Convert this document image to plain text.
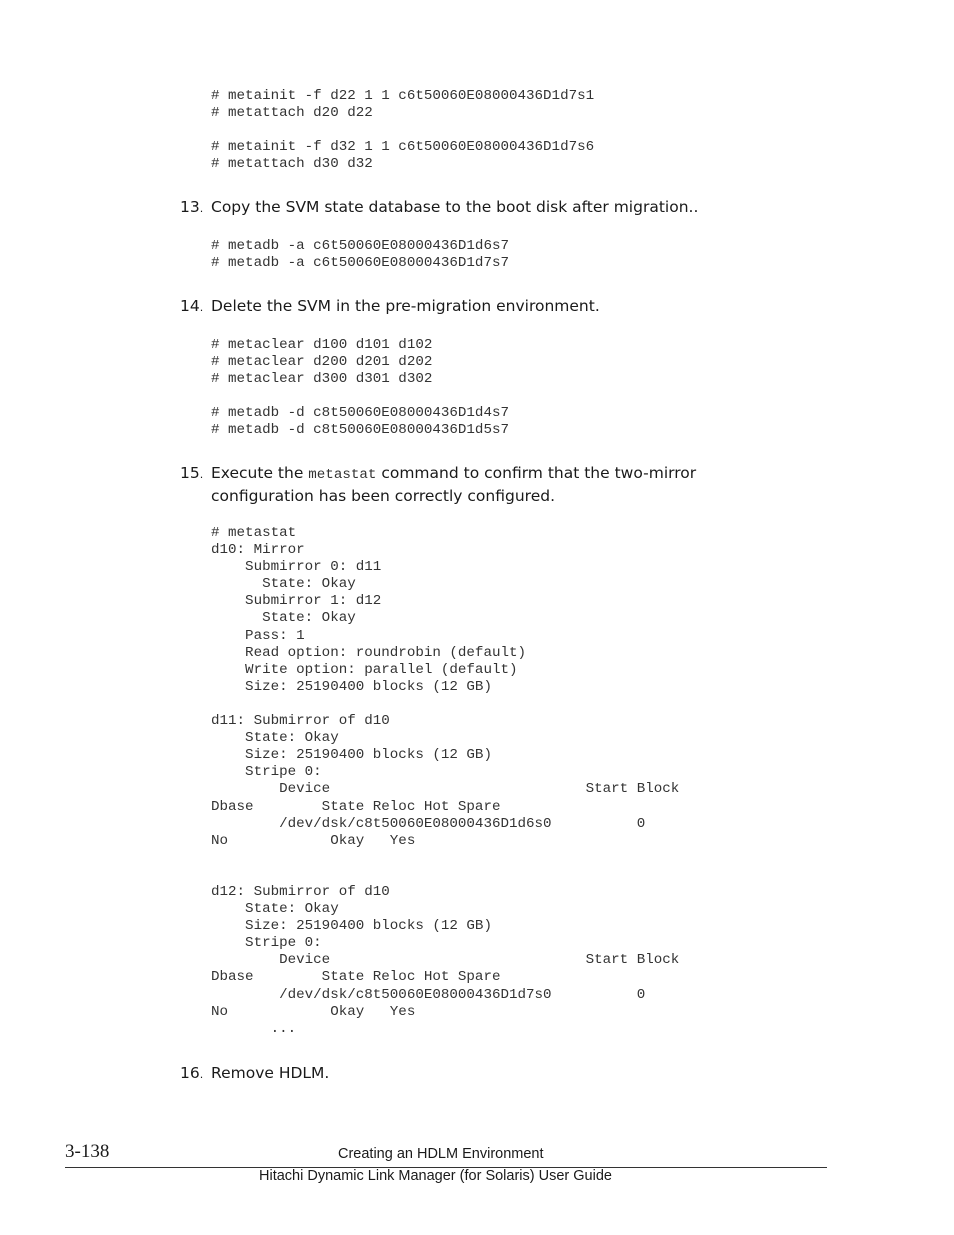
# metainit -f d22 1 1 c6t50060E08000436D1d7s1
# metattach d20 d22

# metainit -f d32 1 1 c6t50060E08000436D1d7s6
# metattach d30 d32
13. Copy the SVM state database to the boot disk after migration..
# metadb -a c6t50060E08000436D1d6s7
# metadb -a c6t50060E08000436D1d7s7
14. Delete the SVM in the pre-migration environment.
# metaclear d100 d101 d102
# metaclear d200 d201 d202
# metaclear d300 d301 d302

# metadb -d c8t50060E08000436D1d4s7
# metadb -d c8t50060E08000436D1d5s7
15. Execute the metastat command to confirm that the two-mirror configuration has been correctly configured.
# metastat
d10: Mirror
Submirror 0: d11
State: Okay
Submirror 1: d12
State: Okay
Pass: 1
Read option: roundrobin (default)
Write option: parallel (default)
Size: 25190400 blocks (12 GB)

d11: Submirror of d10
State: Okay
Size: 25190400 blocks (12 GB)
Stripe 0:
Device                              Start Block
Dbase        State Reloc Hot Spare
/dev/dsk/c8t50060E08000436D1d6s0          0
No            Okay   Yes

d12: Submirror of d10
State: Okay
Size: 25190400 blocks (12 GB)
Stripe 0:
Device                              Start Block
Dbase        State Reloc Hot Spare
/dev/dsk/c8t50060E08000436D1d7s0          0
No            Okay   Yes
...
16. Remove HDLM.
3-138	Creating an HDLM Environment
Hitachi Dynamic Link Manager (for Solaris) User Guide
